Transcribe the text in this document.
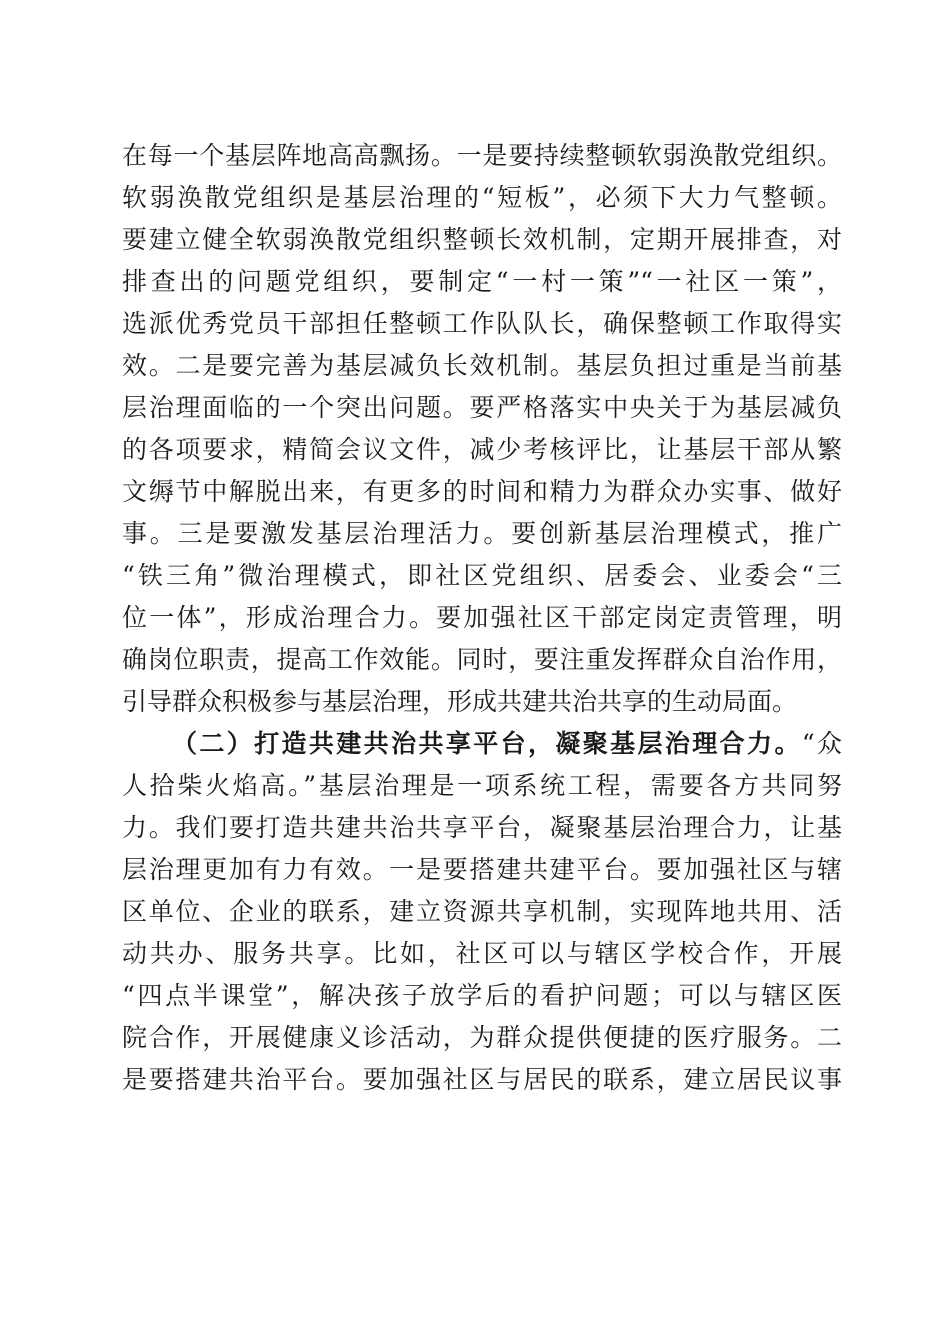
在每一个基层阵地高高飘扬。一是要持续整顿软弱涣散党组织。
软弱涣散党组织是基层治理的“短板”，必须下大力气整顿。
要建立健全软弱涣散党组织整顿长效机制，定期开展排查，对
排查出的问题党组织，要制定“一村一策”“一社区一策”，
选派优秀党员干部担任整顿工作队队长，确保整顿工作取得实
效。二是要完善为基层减负长效机制。基层负担过重是当前基
层治理面临的一个突出问题。要严格落实中央关于为基层减负
的各项要求，精简会议文件，减少考核评比，让基层干部从繁
文缛节中解脱出来，有更多的时间和精力为群众办实事、做好
事。三是要激发基层治理活力。要创新基层治理模式，推广
“铁三角”微治理模式，即社区党组织、居委会、业委会“三
位一体”，形成治理合力。要加强社区干部定岗定责管理，明
确岗位职责，提高工作效能。同时，要注重发挥群众自治作用，
引导群众积极参与基层治理，形成共建共治共享的生动局面。
（二）打造共建共治共享平台，凝聚基层治理合力。“众
人拾柴火焰高。”基层治理是一项系统工程，需要各方共同努
力。我们要打造共建共治共享平台，凝聚基层治理合力，让基
层治理更加有力有效。一是要搭建共建平台。要加强社区与辖
区单位、企业的联系，建立资源共享机制，实现阵地共用、活
动共办、服务共享。比如，社区可以与辖区学校合作，开展
“四点半课堂”，解决孩子放学后的看护问题；可以与辖区医
院合作，开展健康义诊活动，为群众提供便捷的医疗服务。二
是要搭建共治平台。要加强社区与居民的联系，建立居民议事
